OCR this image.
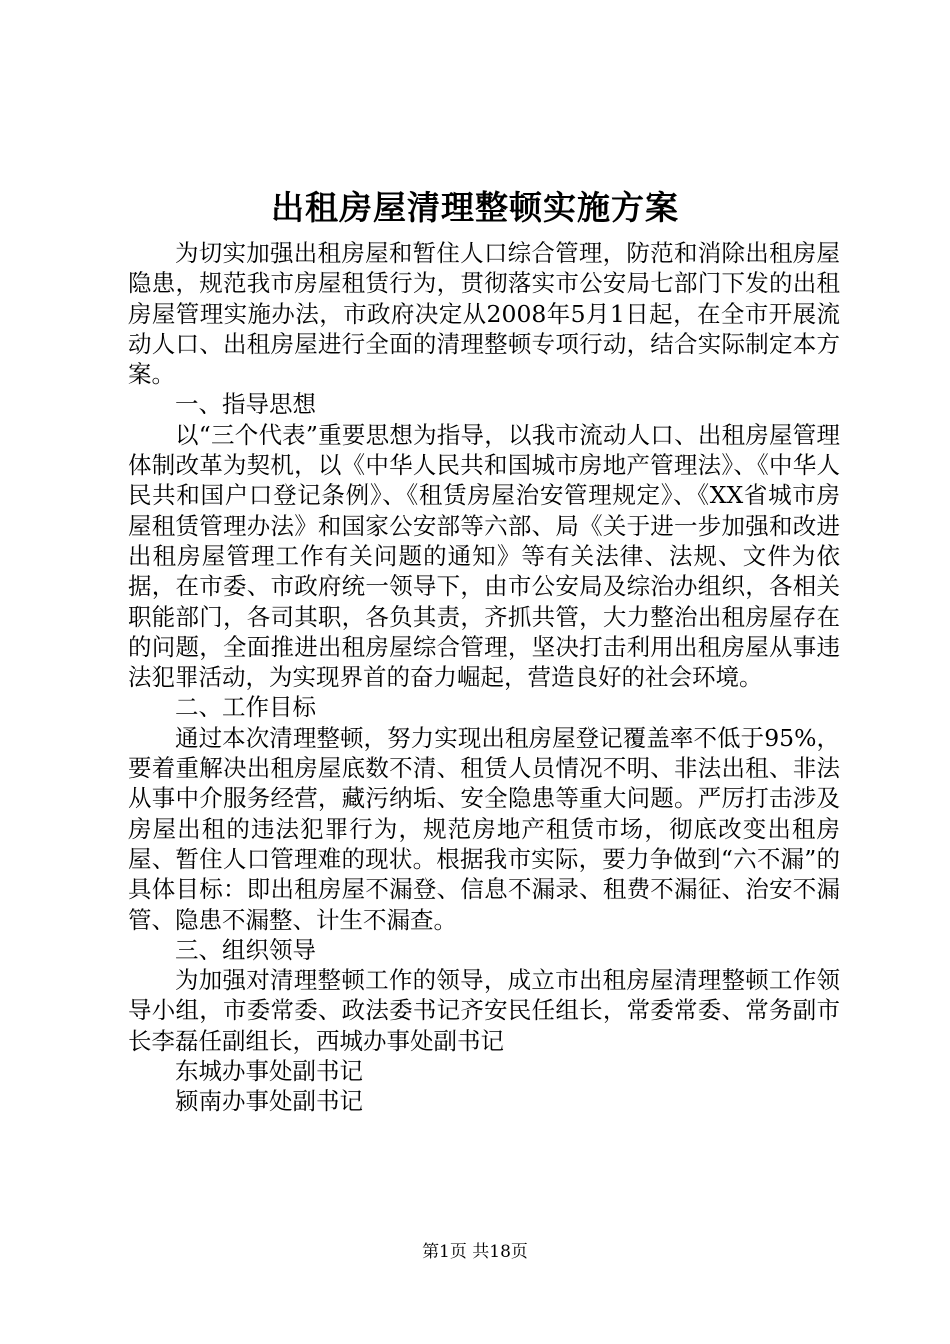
出租房屋清理整顿实施方案

为切实加强出租房屋和暂住人口综合管理，防范和消除出租房屋隐患，规范我市房屋租赁行为，贯彻落实市公安局七部门下发的出租房屋管理实施办法，市政府决定从2008年5月1日起，在全市开展流动人口、出租房屋进行全面的清理整顿专项行动，结合实际制定本方案。

一、指导思想

以“三个代表”重要思想为指导，以我市流动人口、出租房屋管理体制改革为契机，以《中华人民共和国城市房地产管理法》、《中华人民共和国户口登记条例》、《租赁房屋治安管理规定》、《XX省城市房屋租赁管理办法》和国家公安部等六部、局《关于进一步加强和改进出租房屋管理工作有关问题的通知》等有关法律、法规、文件为依据，在市委、市政府统一领导下，由市公安局及综治办组织，各相关职能部门，各司其职，各负其责，齐抓共管，大力整治出租房屋存在的问题，全面推进出租房屋综合管理，坚决打击利用出租房屋从事违法犯罪活动，为实现界首的奋力崛起，营造良好的社会环境。

二、工作目标

通过本次清理整顿，努力实现出租房屋登记覆盖率不低于95%，要着重解决出租房屋底数不清、租赁人员情况不明、非法出租、非法从事中介服务经营，藏污纳垢、安全隐患等重大问题。严厉打击涉及房屋出租的违法犯罪行为，规范房地产租赁市场，彻底改变出租房屋、暂住人口管理难的现状。根据我市实际，要力争做到“六不漏”的具体目标：即出租房屋不漏登、信息不漏录、租费不漏征、治安不漏管、隐患不漏整、计生不漏查。

三、组织领导

为加强对清理整顿工作的领导，成立市出租房屋清理整顿工作领导小组，市委常委、政法委书记齐安民任组长，常委常委、常务副市长李磊任副组长，西城办事处副书记

东城办事处副书记

颍南办事处副书记

第1页 共18页
